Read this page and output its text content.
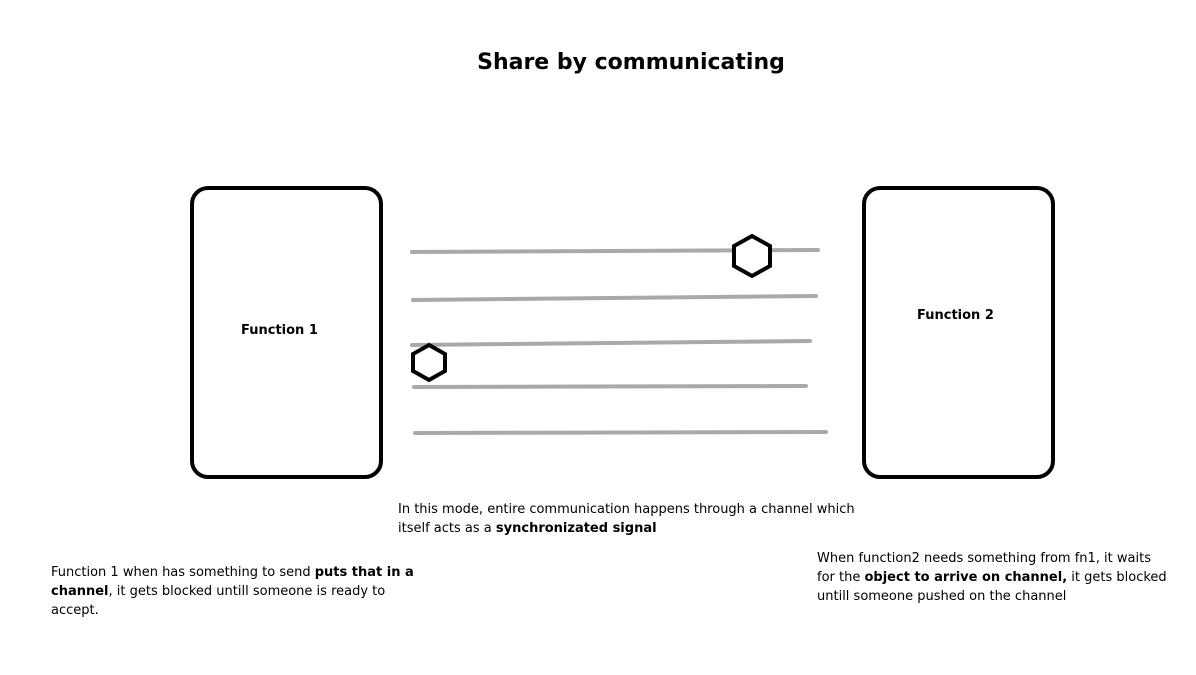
Share by communicating
Function 1
Function 2

In this mode, entire communication happens through a channel which itself acts as a synchronizated signal

Function 1 when has something to send puts that in a channel, it gets blocked untill someone is ready to accept.

When function2 needs something from fn1, it waits for the object to arrive on channel, it gets blocked untill someone pushed on the channel
